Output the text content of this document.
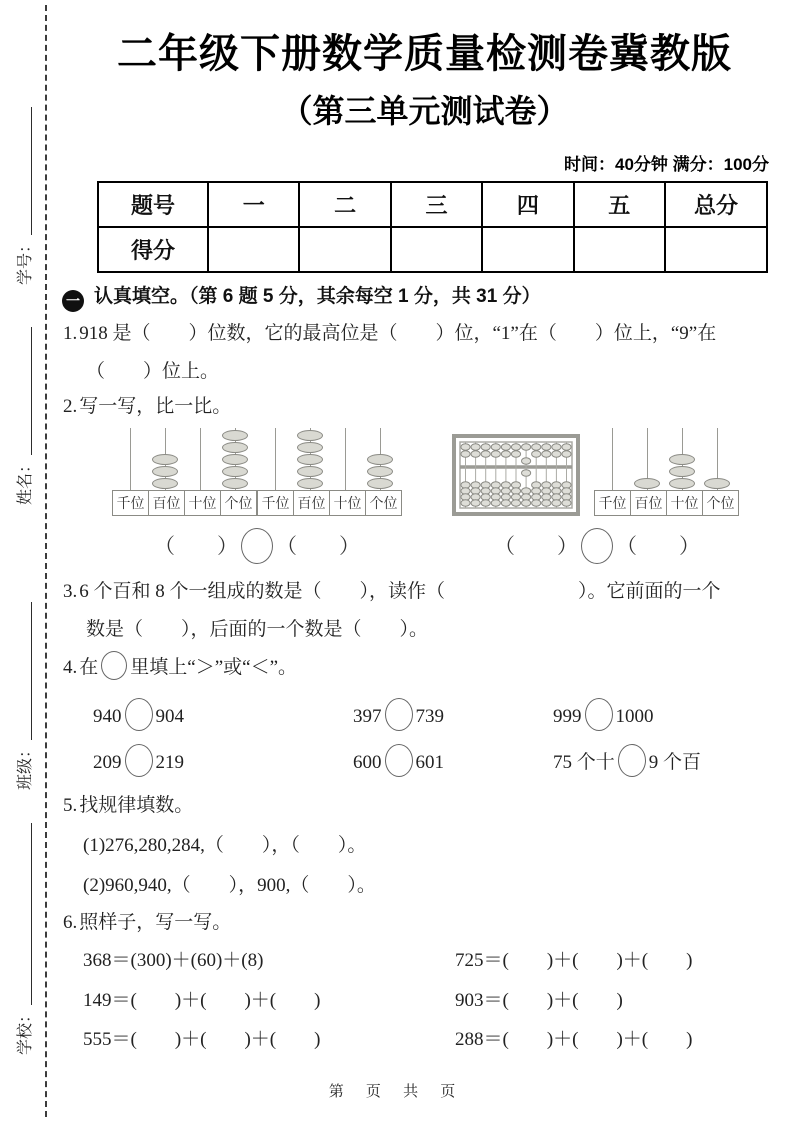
学号：
姓名：
班级：
学校：
二年级下册数学质量检测卷冀教版
（第三单元测试卷）
时间：40分钟 满分：100分
题号	一	二	三	四	五	总分
得分						
一 认真填空。（第 6 题 5 分，其余每空 1 分，共 31 分）
1. 918 是（　　）位数，它的最高位是（　　）位，“1”在（　　）位上，“9”在
（　　）位上。
2. 写一写，比一比。
千位 百位 十位 个位 千位 百位 十位 个位
（　　） （　　）
千位 百位 十位 个位
（　　） （　　）
3. 6 个百和 8 个一组成的数是（　　），读作（　　　　　　　）。它前面的一个
数是（　　），后面的一个数是（　　）。
4. 在 里填上“＞”或“＜”。
940 904	397 739	999 1000
209 219	600 601	75 个十 9 个百
5. 找规律填数。
(1)276,280,284,（　　），（　　）。
(2)960,940,（　　），900,（　　）。
6. 照样子，写一写。
368＝(300)＋(60)＋(8)	725＝(　　)＋(　　)＋(　　)
149＝(　　)＋(　　)＋(　　)	903＝(　　)＋(　　)
555＝(　　)＋(　　)＋(　　)	288＝(　　)＋(　　)＋(　　)
第 页 共 页
